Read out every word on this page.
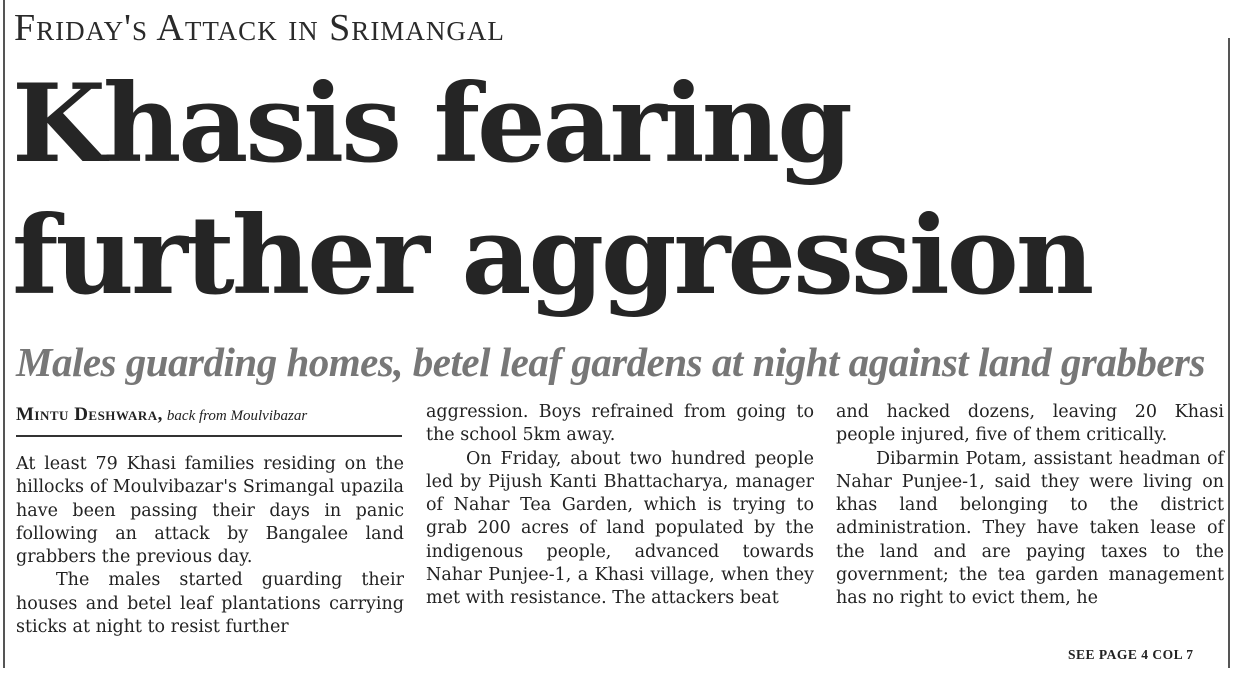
Friday's Attack in Srimangal
Khasis fearing further aggression
Males guarding homes, betel leaf gardens at night against land grabbers
Mintu Deshwara, back from Moulvibazar

At least 79 Khasi families residing on the hillocks of Moulvibazar's Srimangal upazila have been passing their days in panic following an attack by Bangalee land grabbers the previous day.

The males started guarding their houses and betel leaf plantations carrying sticks at night to resist further

aggression. Boys refrained from going to the school 5km away.

On Friday, about two hundred people led by Pijush Kanti Bhattacharya, manager of Nahar Tea Garden, which is trying to grab 200 acres of land populated by the indigenous people, advanced towards Nahar Punjee-1, a Khasi village, when they met with resistance. The attackers beat

and hacked dozens, leaving 20 Khasi people injured, five of them critically.

Dibarmin Potam, assistant headman of Nahar Punjee-1, said they were living on khas land belonging to the district administration. They have taken lease of the land and are paying taxes to the government; the tea garden management has no right to evict them, he

SEE PAGE 4 COL 7
